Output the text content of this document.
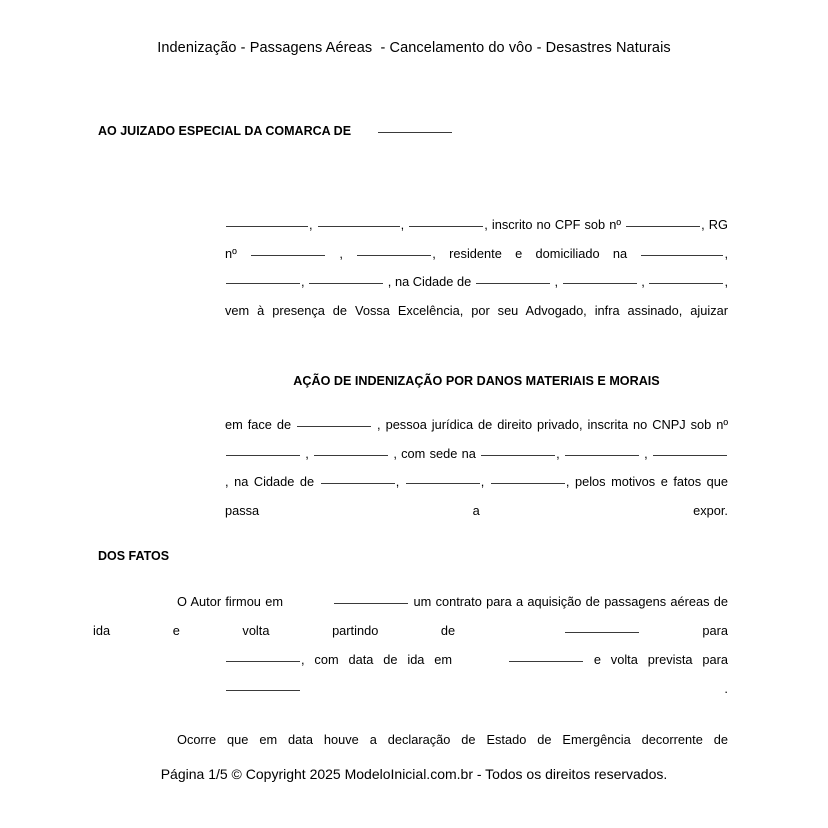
Indenização - Passagens Aéreas  - Cancelamento do vôo - Desastres Naturais
AO JUIZADO ESPECIAL DA COMARCA DE

,	,	, inscrito no CPF sob nº	, RG nº	,	, residente e domiciliado na	, ,	, na Cidade de	,	,	, vem à presença de Vossa Excelência, por seu Advogado, infra assinado, ajuizar

AÇÃO DE INDENIZAÇÃO POR DANOS MATERIAIS E MORAIS

em face de	, pessoa jurídica de direito privado, inscrita no CNPJ sob nº  ,	, com sede na	,	,  , na Cidade de	,	,	, pelos motivos e fatos que passa a expor.

DOS FATOS

O Autor firmou em	um contrato para a aquisição de passagens aéreas de ida e volta partindo de	para

, com data de ida em	e volta prevista para  .

Ocorre que em data houve a declaração de Estado de Emergência decorrente de

Página 1/5 © Copyright 2025 ModeloInicial.com.br - Todos os direitos reservados.
